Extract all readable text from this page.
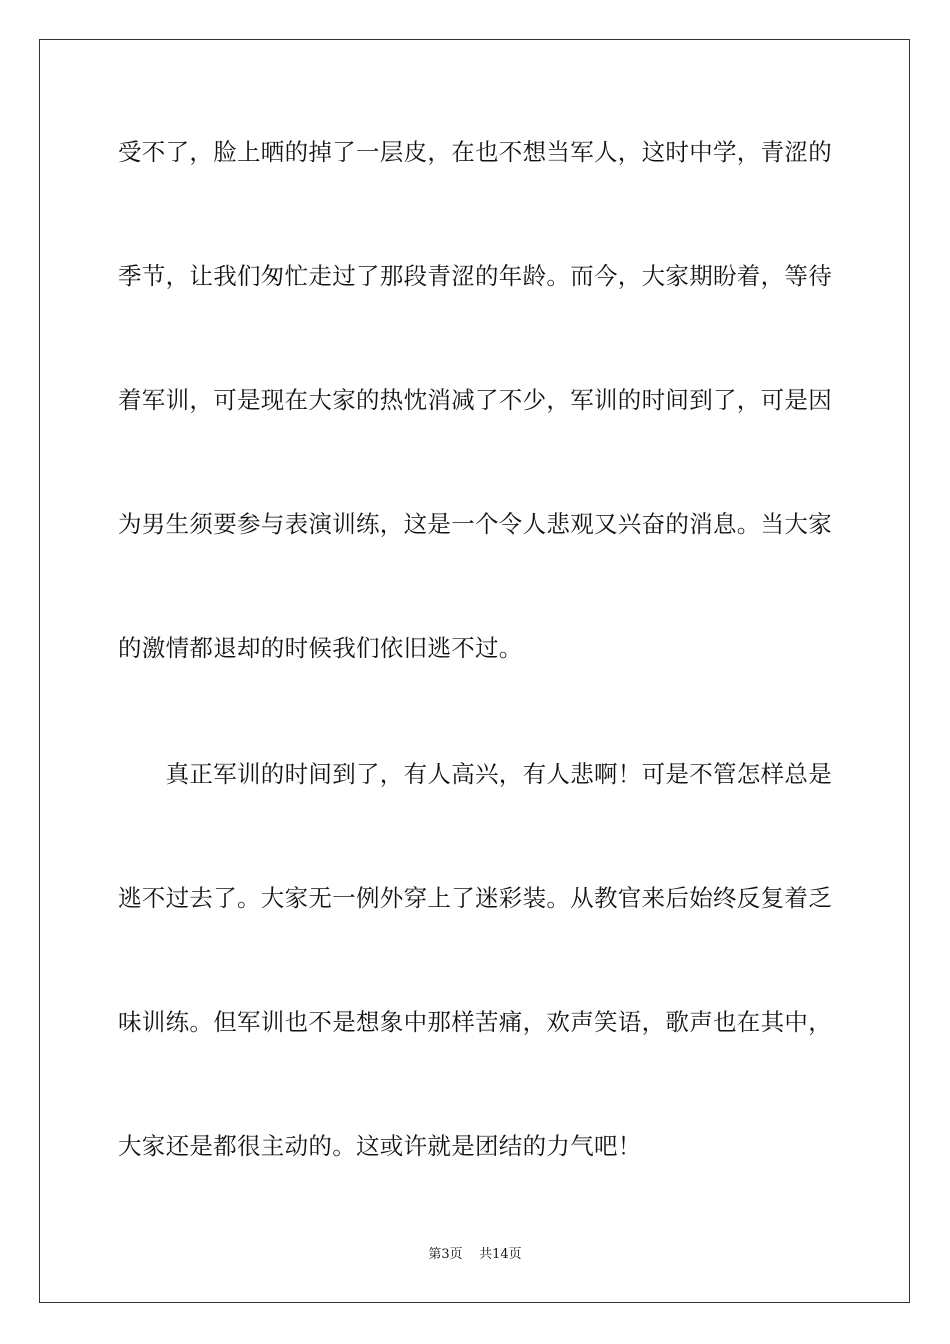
受不了，脸上晒的掉了一层皮，在也不想当军人，这时中学，青涩的
季节，让我们匆忙走过了那段青涩的年龄。而今，大家期盼着，等待
着军训，可是现在大家的热忱消减了不少，军训的时间到了，可是因
为男生须要参与表演训练，这是一个令人悲观又兴奋的消息。当大家
的激情都退却的时候我们依旧逃不过。
　　真正军训的时间到了，有人高兴，有人悲啊！可是不管怎样总是
逃不过去了。大家无一例外穿上了迷彩装。从教官来后始终反复着乏
味训练。但军训也不是想象中那样苦痛，欢声笑语，歌声也在其中，
大家还是都很主动的。这或许就是团结的力气吧！
第3页 共14页
